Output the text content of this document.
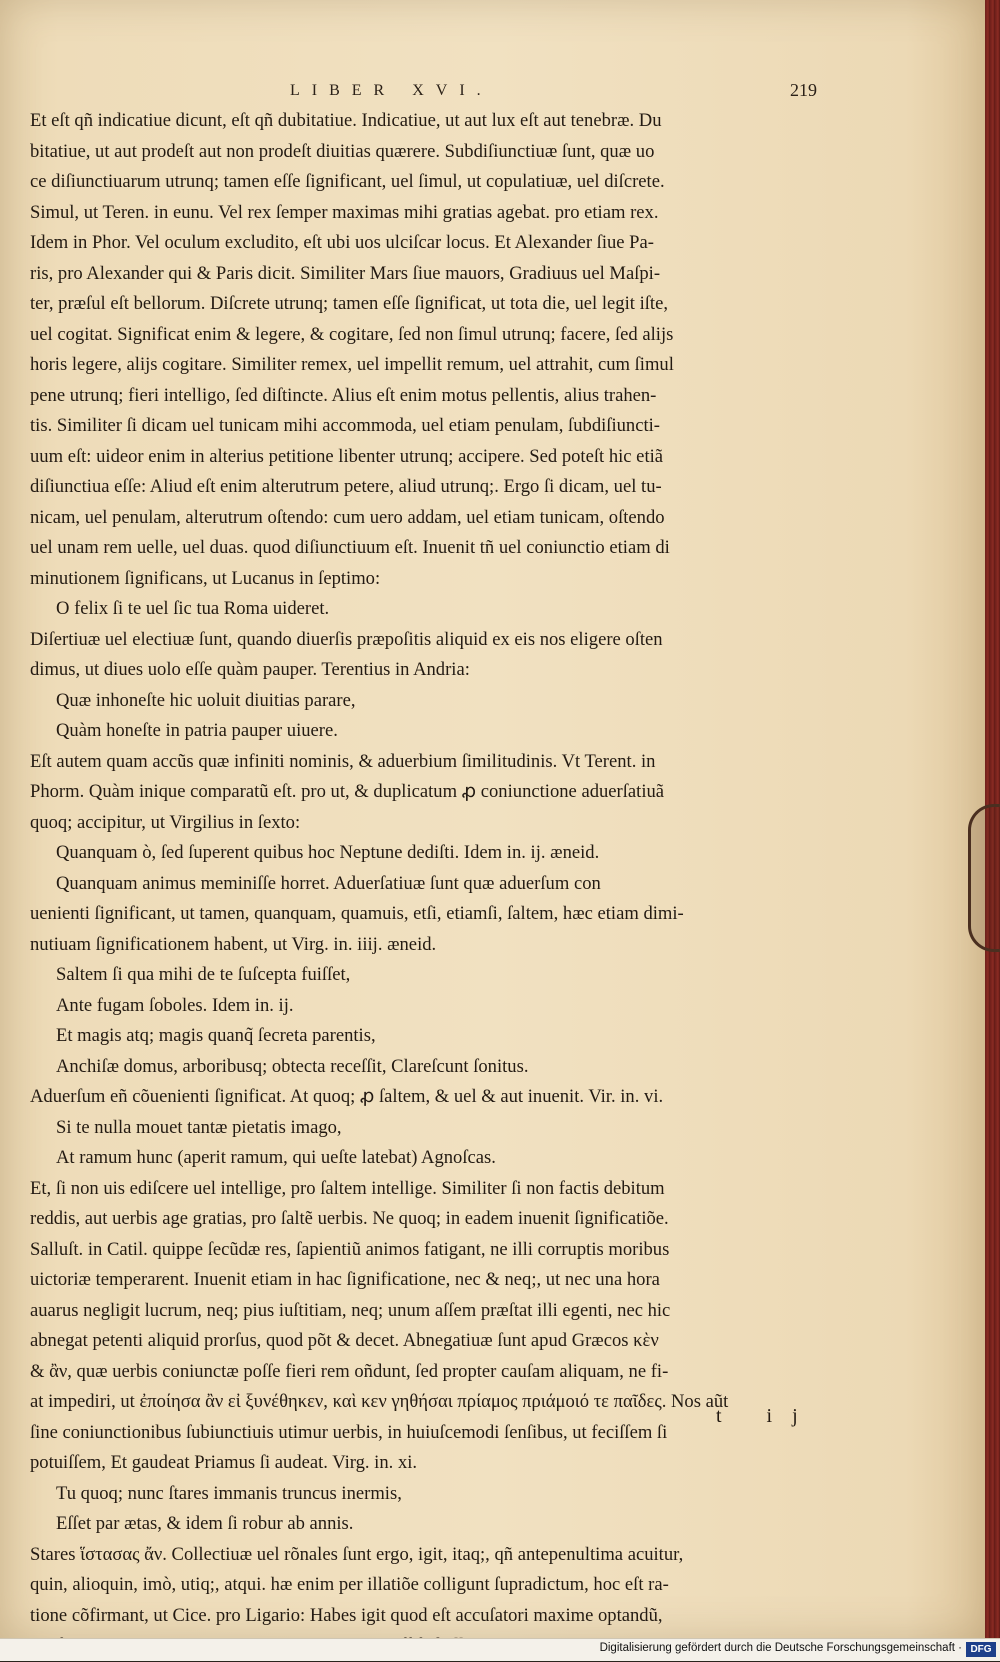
LIBER XVI.	219
Et eſt qñ indicatiue dicunt, eſt qñ dubitatiue. Indicatiue, ut aut lux eſt aut tenebræ. Du
bitatiue, ut aut prodeſt aut non prodeſt diuitias quærere. Subdiſiunctiuæ ſunt, quæ uo
ce diſiunctiuarum utrunq; tamen eſſe ſignificant, uel ſimul, ut copulatiuæ, uel diſcrete.
Simul, ut Teren. in eunu. Vel rex ſemper maximas mihi gratias agebat. pro etiam rex.
Idem in Phor. Vel oculum excludito, eſt ubi uos ulciſcar locus. Et Alexander ſiue Pa-
ris, pro Alexander qui & Paris dicit. Similiter Mars ſiue mauors, Gradiuus uel Maſpi-
ter, præſul eſt bellorum. Diſcrete utrunq; tamen eſſe ſignificat, ut tota die, uel legit iſte,
uel cogitat. Significat enim & legere, & cogitare, ſed non ſimul utrunq; facere, ſed alijs
horis legere, alijs cogitare. Similiter remex, uel impellit remum, uel attrahit, cum ſimul
pene utrunq; fieri intelligo, ſed diſtincte. Alius eſt enim motus pellentis, alius trahen-
tis. Similiter ſi dicam uel tunicam mihi accommoda, uel etiam penulam, ſubdiſiuncti-
uum eſt: uideor enim in alterius petitione libenter utrunq; accipere. Sed poteſt hic etiã
diſiunctiua eſſe: Aliud eſt enim alterutrum petere, aliud utrunq;. Ergo ſi dicam, uel tu-
nicam, uel penulam, alterutrum oſtendo: cum uero addam, uel etiam tunicam, oſtendo
uel unam rem uelle, uel duas. quod diſiunctiuum eſt. Inuenit tñ uel coniunctio etiam di
minutionem ſignificans, ut Lucanus in ſeptimo:
O felix ſi te uel ſic tua Roma uideret.
Diſertiuæ uel electiuæ ſunt, quando diuerſis præpoſitis aliquid ex eis nos eligere oſten
dimus, ut diues uolo eſſe quàm pauper. Terentius in Andria:
Quæ inhoneſte hic uoluit diuitias parare,
Quàm honeſte in patria pauper uiuere.
Eſt autem quam accũs quæ infiniti nominis, & aduerbium ſimilitudinis. Vt Terent. in
Phorm. Quàm inique comparatũ eſt. pro ut, & duplicatum ꝓ coniunctione aduerſatiuã
quoq; accipitur, ut Virgilius in ſexto:
Quanquam ò, ſed ſuperent quibus hoc Neptune dediſti. Idem in. ij. æneid.
Quanquam animus meminiſſe horret. Aduerſatiuæ ſunt quæ aduerſum con
uenienti ſignificant, ut tamen, quanquam, quamuis, etſi, etiamſi, ſaltem, hæc etiam dimi-
nutiuam ſignificationem habent, ut Virg. in. iiij. æneid.
Saltem ſi qua mihi de te ſuſcepta fuiſſet,
Ante fugam ſoboles. Idem in. ij.
Et magis atq; magis quanq̃ ſecreta parentis,
Anchiſæ domus, arboribusq; obtecta receſſit, Clareſcunt ſonitus.
Aduerſum eñ cõuenienti ſignificat. At quoq; ꝓ ſaltem, & uel & aut inuenit. Vir. in. vi.
Si te nulla mouet tantæ pietatis imago,
At ramum hunc (aperit ramum, qui ueſte latebat) Agnoſcas.
Et, ſi non uis ediſcere uel intellige, pro ſaltem intellige. Similiter ſi non factis debitum
reddis, aut uerbis age gratias, pro ſaltẽ uerbis. Ne quoq; in eadem inuenit ſignificatiõe.
Salluſt. in Catil. quippe ſecũdæ res, ſapientiũ animos fatigant, ne illi corruptis moribus
uictoriæ temperarent. Inuenit etiam in hac ſignificatione, nec & neq;, ut nec una hora
auarus negligit lucrum, neq; pius iuſtitiam, neq; unum aſſem præſtat illi egenti, nec hic
abnegat petenti aliquid prorſus, quod põt & decet. Abnegatiuæ ſunt apud Græcos κὲν
& ἂν, quæ uerbis coniunctæ poſſe fieri rem oñdunt, ſed propter cauſam aliquam, ne fi-
at impediri, ut ἐποίησα ἂν εἰ ξυνέθηκεν, καὶ κεν γηθήσαι πρίαμος πριάμοιό τε παῖδες. Nos aũt
ſine coniunctionibus ſubiunctiuis utimur uerbis, in huiuſcemodi ſenſibus, ut feciſſem ſi
potuiſſem, Et gaudeat Priamus ſi audeat. Virg. in. xi.
Tu quoq; nunc ſtares immanis truncus inermis,
Eſſet par ætas, & idem ſi robur ab annis.
Stares ἵστασας ἄν. Collectiuæ uel rõnales ſunt ergo, igit, itaq;, qñ antepenultima acuitur,
quin, alioquin, imò, utiq;, atqui. hæ enim per illatiõe colligunt ſupradictum, hoc eſt ra-
tione cõfirmant, ut Cice. pro Ligario: Habes igit quod eſt accuſatori maxime optandũ,
t ij
Digitalisierung gefördert durch die Deutsche Forschungsgemeinschaft · DFG
